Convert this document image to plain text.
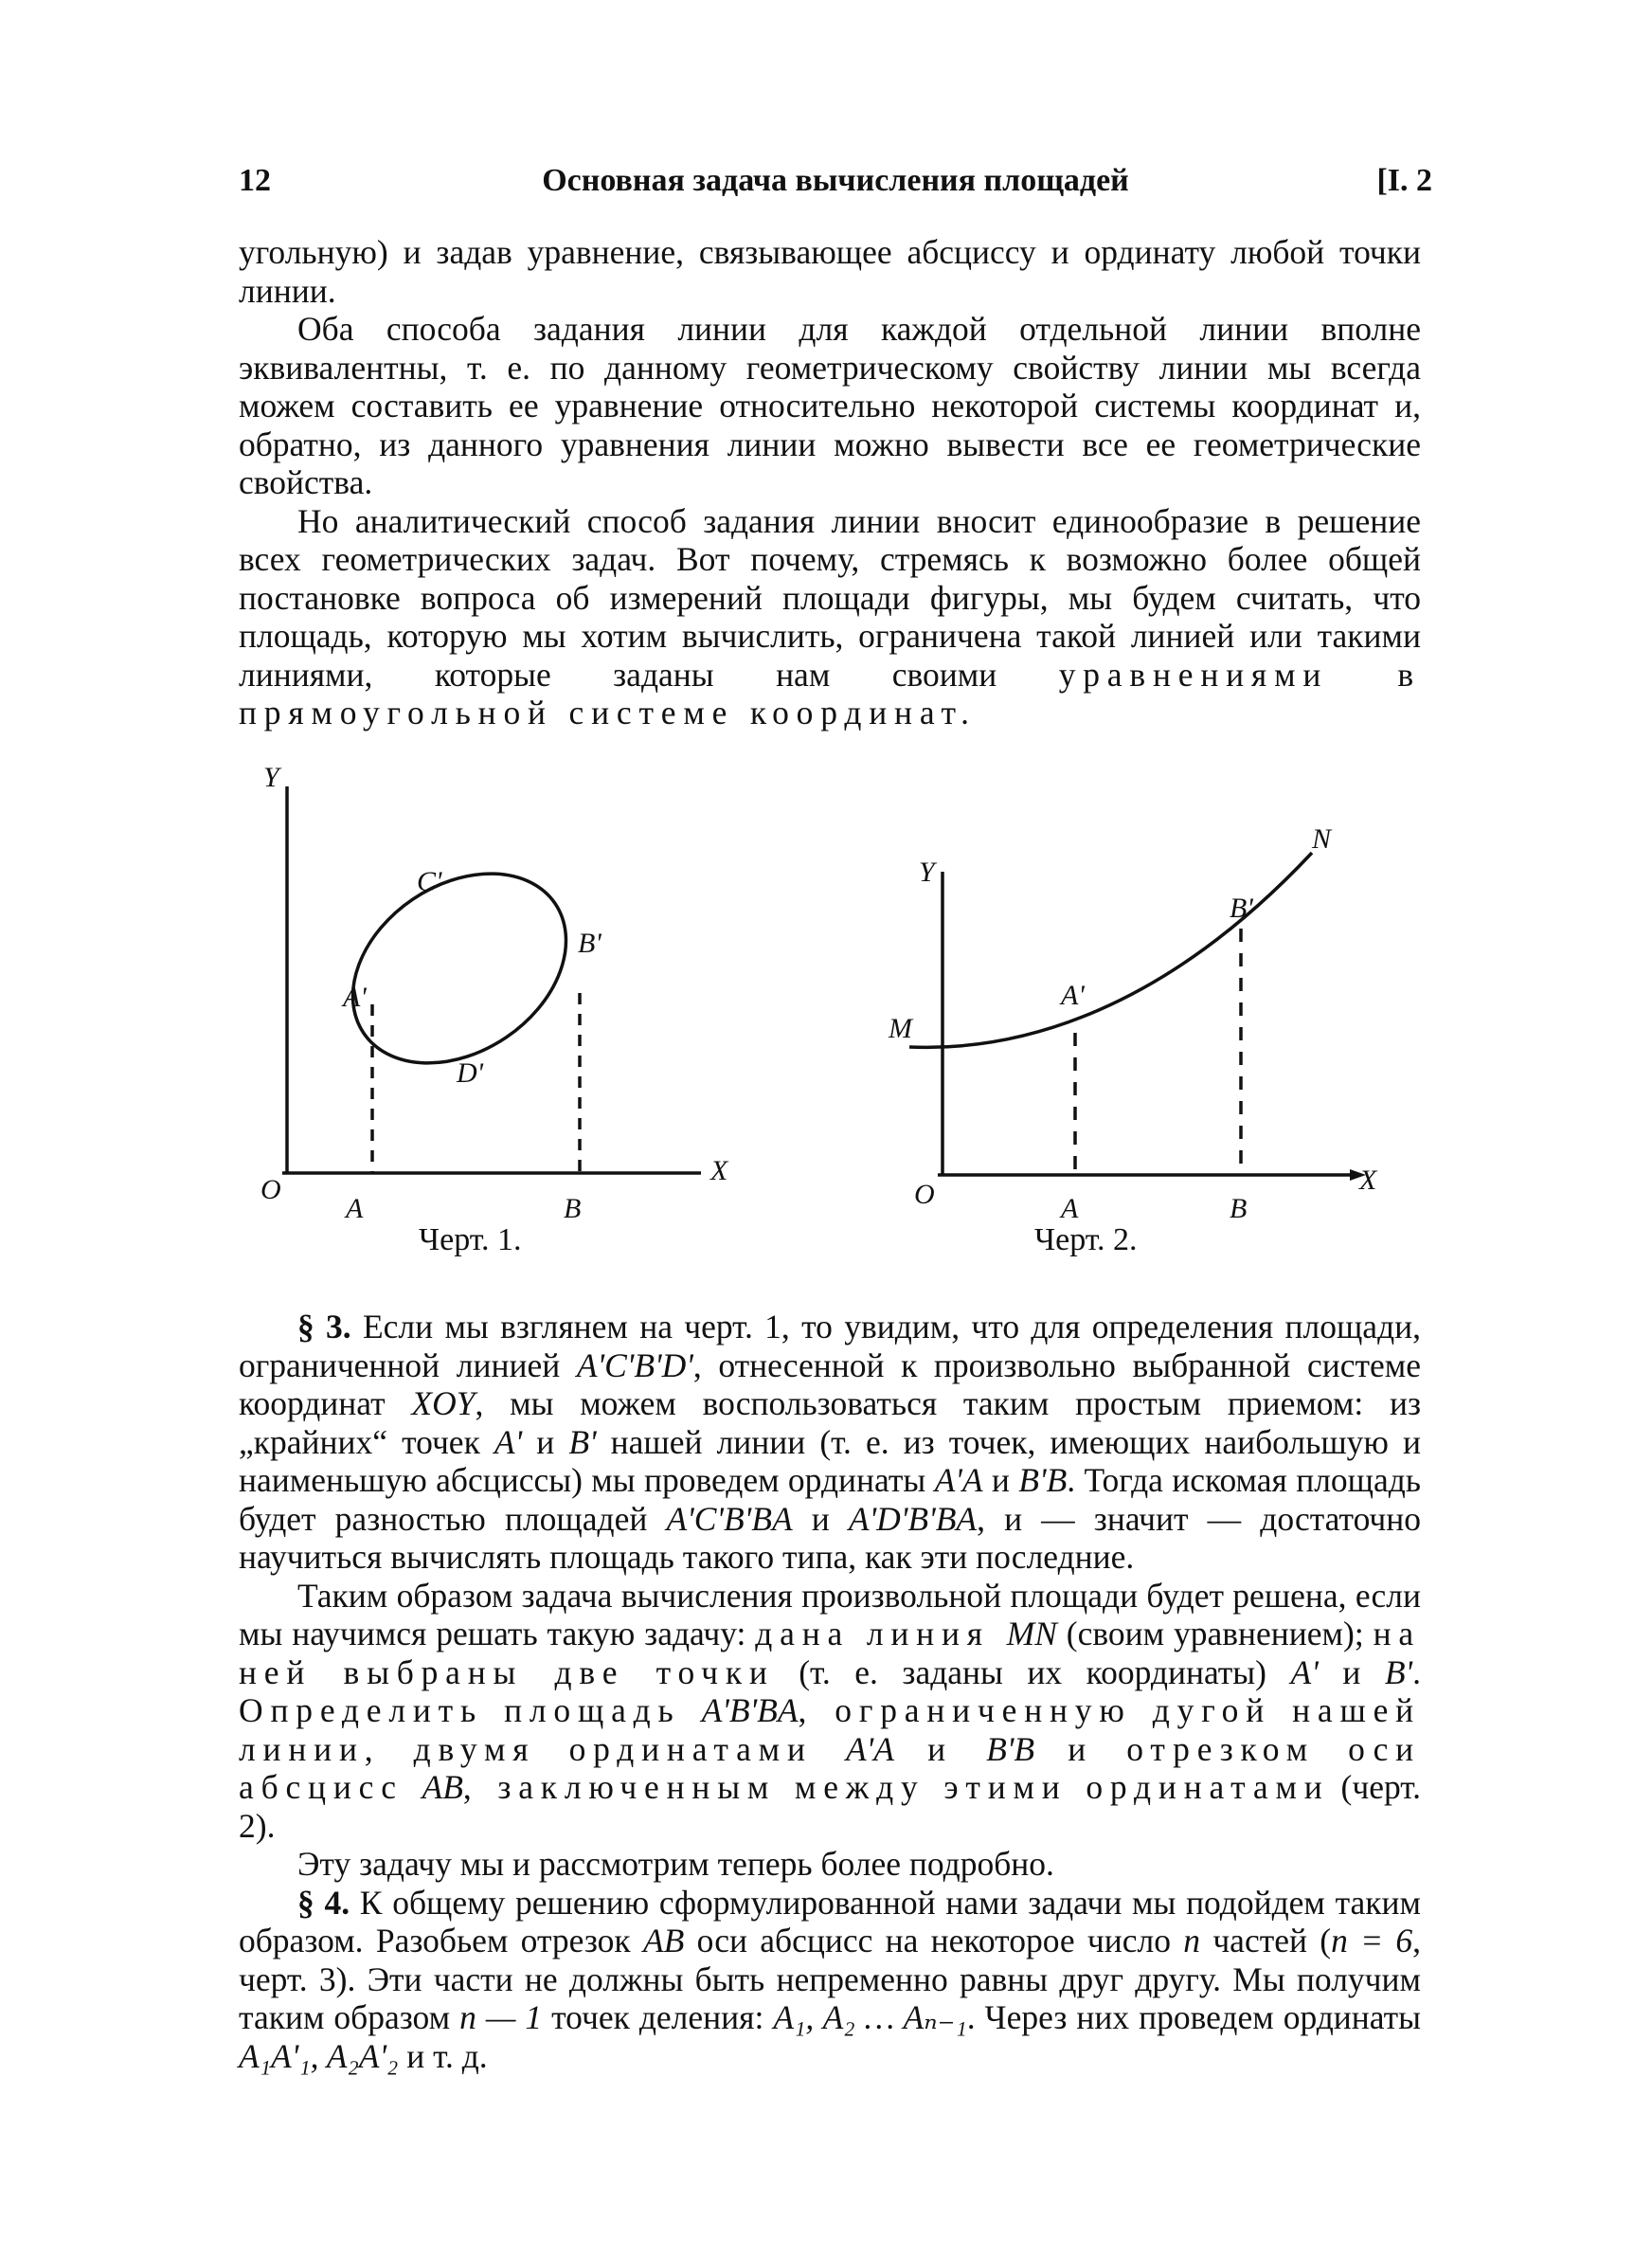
12	Основная задача вычисления площадей	[I. 2

угольную) и задав уравнение, связывающее абсциссу и ординату любой точки линии.

Оба способа задания линии для каждой отдельной линии вполне эквивалентны, т. е. по данному геометрическому свойству линии мы всегда можем составить ее уравнение относительно некоторой системы координат и, обратно, из данного уравнения линии можно вывести все ее геометрические свойства.

Но аналитический способ задания линии вносит единообразие в решение всех геометрических задач. Вот почему, стремясь к возможно более общей постановке вопроса об измерений площади фигуры, мы будем считать, что площадь, которую мы хотим вычислить, ограничена такой линией или такими линиями, которые заданы нам своими уравнениями в прямоугольной системе координат.

Y
X
O
A	B
C'
B'
A'
D'
Y
X
O	A	B
M
N
A'
B'
Черт. 1.	Черт. 2.

§ 3. Если мы взглянем на черт. 1, то увидим, что для определения площади, ограниченной линией A'C'B'D', отнесенной к произвольно выбранной системе координат XOY, мы можем воспользоваться таким простым приемом: из „крайних“ точек A' и B' нашей линии (т. е. из точек, имеющих наибольшую и наименьшую абсциссы) мы проведем ординаты A'A и B'B. Тогда искомая площадь будет разностью площадей A'C'B'BA и A'D'B'BA, и — значит — достаточно научиться вычислять площадь такого типа, как эти последние.

Таким образом задача вычисления произвольной площади будет решена, если мы научимся решать такую задачу: дана линия MN (своим уравнением); на ней выбраны две точки (т. е. заданы их координаты) A' и B'. Определить площадь A'B'BA, ограниченную дугой нашей линии, двумя ординатами A'A и B'B и отрезком оси абсцисс AB, заключенным между этими ординатами (черт. 2).

Эту задачу мы и рассмотрим теперь более подробно.

§ 4. К общему решению сформулированной нами задачи мы подойдем таким образом. Разобьем отрезок AB оси абсцисс на некоторое число n частей (n = 6, черт. 3). Эти части не должны быть непременно равны друг другу. Мы получим таким образом n — 1 точек деления: A₁, A₂ … Aₙ₋₁. Через них проведем ординаты A₁A'₁, A₂A'₂ и т. д.
